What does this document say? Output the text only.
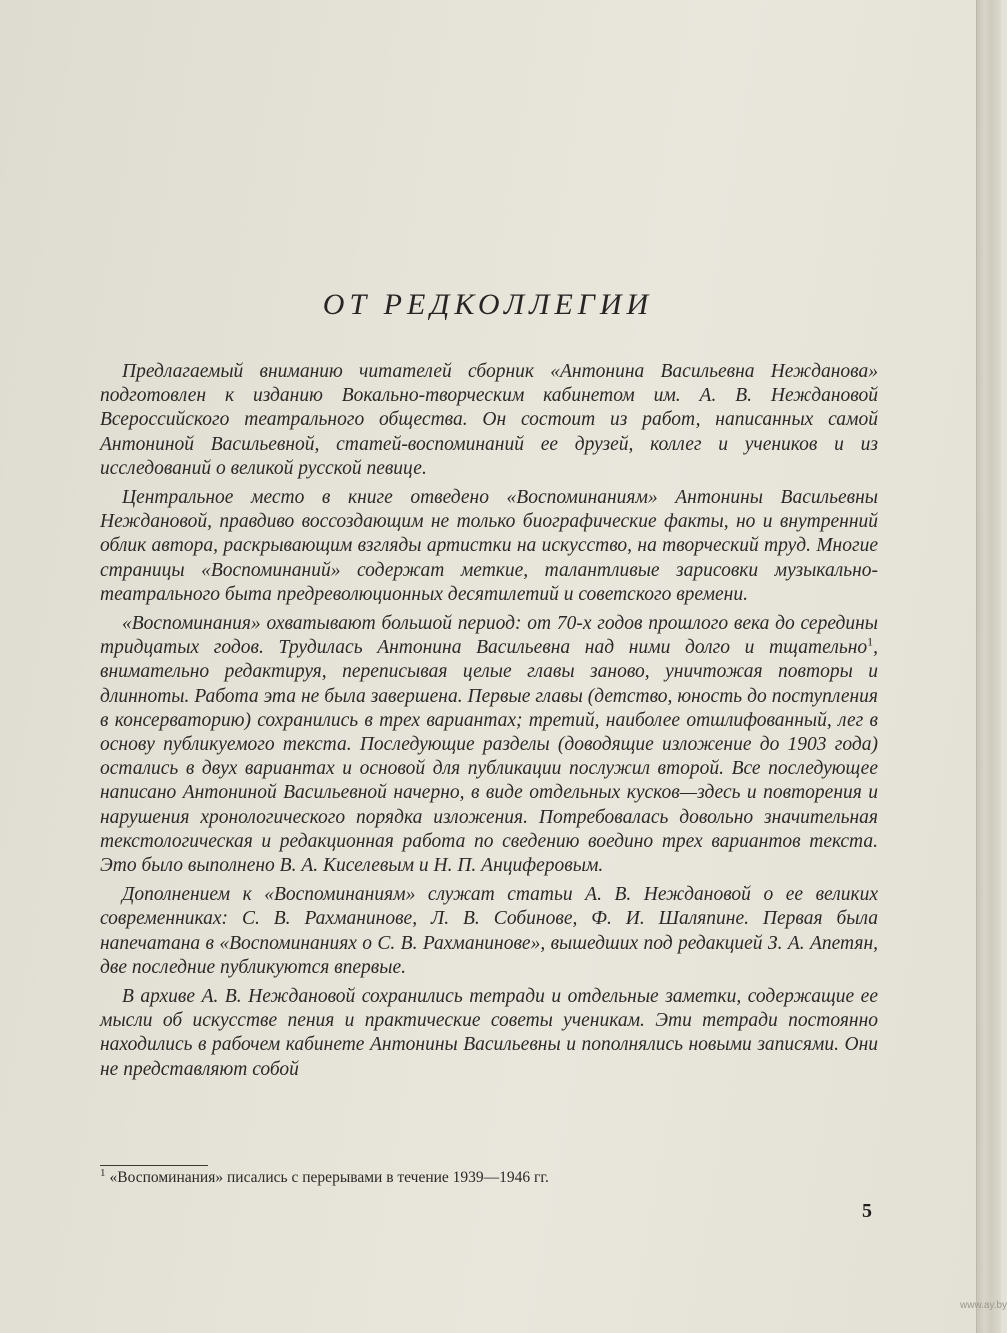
ОТ РЕДКОЛЛЕГИИ

Предлагаемый вниманию читателей сборник «Антонина Васильевна Нежданова» подготовлен к изданию Вокально-творческим кабинетом им. А. В. Неждановой Всероссийского театрального общества. Он состоит из работ, написанных самой Антониной Васильевной, статей-воспоминаний ее друзей, коллег и учеников и из исследований о великой русской певице.

Центральное место в книге отведено «Воспоминаниям» Антонины Васильевны Неждановой, правдиво воссоздающим не только биографические факты, но и внутренний облик автора, раскрывающим взгляды артистки на искусство, на творческий труд. Многие страницы «Воспоминаний» содержат меткие, талантливые зарисовки музыкально-театрального быта предреволюционных десятилетий и советского времени.

«Воспоминания» охватывают большой период: от 70-х годов прошлого века до середины тридцатых годов. Трудилась Антонина Васильевна над ними долго и тщательно$^1$, внимательно редактируя, переписывая целые главы заново, уничтожая повторы и длинноты. Работа эта не была завершена. Первые главы (детство, юность до поступления в консерваторию) сохранились в трех вариантах; третий, наиболее отшлифованный, лег в основу публикуемого текста. Последующие разделы (доводящие изложение до 1903 года) остались в двух вариантах и основой для публикации послужил второй. Все последующее написано Антониной Васильевной начерно, в виде отдельных кусков—здесь и повторения и нарушения хронологического порядка изложения. Потребовалась довольно значительная текстологическая и редакционная работа по сведению воедино трех вариантов текста. Это было выполнено В. А. Киселевым и Н. П. Анциферовым.

Дополнением к «Воспоминаниям» служат статьи А. В. Неждановой о ее великих современниках: С. В. Рахманинове, Л. В. Собинове, Ф. И. Шаляпине. Первая была напечатана в «Воспоминаниях о С. В. Рахманинове», вышедших под редакцией З. А. Апетян, две последние публикуются впервые.

В архиве А. В. Неждановой сохранились тетради и отдельные заметки, содержащие ее мысли об искусстве пения и практические советы ученикам. Эти тетради постоянно находились в рабочем кабинете Антонины Васильевны и пополнялись новыми записями. Они не представляют собой

$^1$ «Воспоминания» писались с перерывами в течение 1939—1946 гг.
5
www.ay.by
